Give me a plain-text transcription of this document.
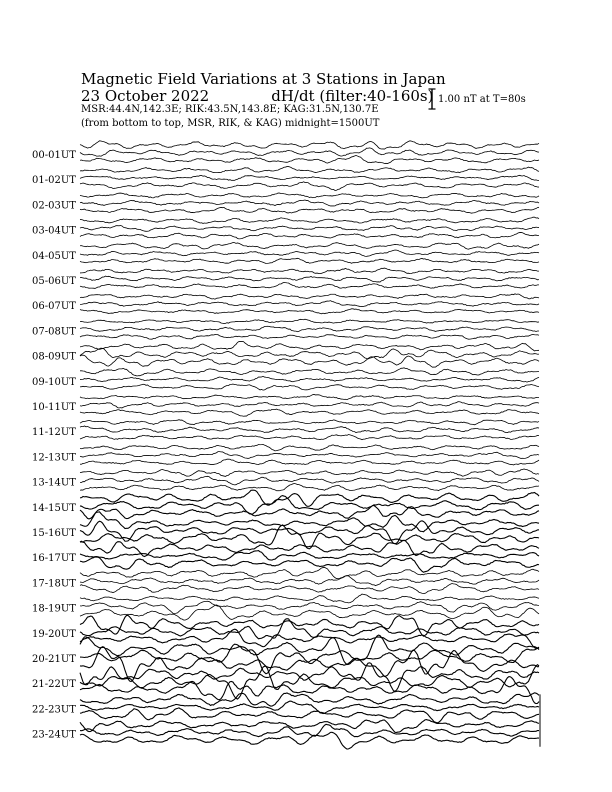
Magnetic Field Variations at 3 Stations in Japan
23 October 2022	dH/dt (filter:40-160s)
MSR:44.4N,142.3E; RIK:43.5N,143.8E; KAG:31.5N,130.7E
(from bottom to top, MSR, RIK, & KAG) midnight=1500UT
1.00 nT at T=80s
00-01UT
01-02UT
02-03UT
03-04UT
04-05UT
05-06UT
06-07UT
07-08UT
08-09UT
09-10UT
10-11UT
11-12UT
12-13UT
13-14UT
14-15UT
15-16UT
16-17UT
17-18UT
18-19UT
19-20UT
20-21UT
21-22UT
22-23UT
23-24UT
